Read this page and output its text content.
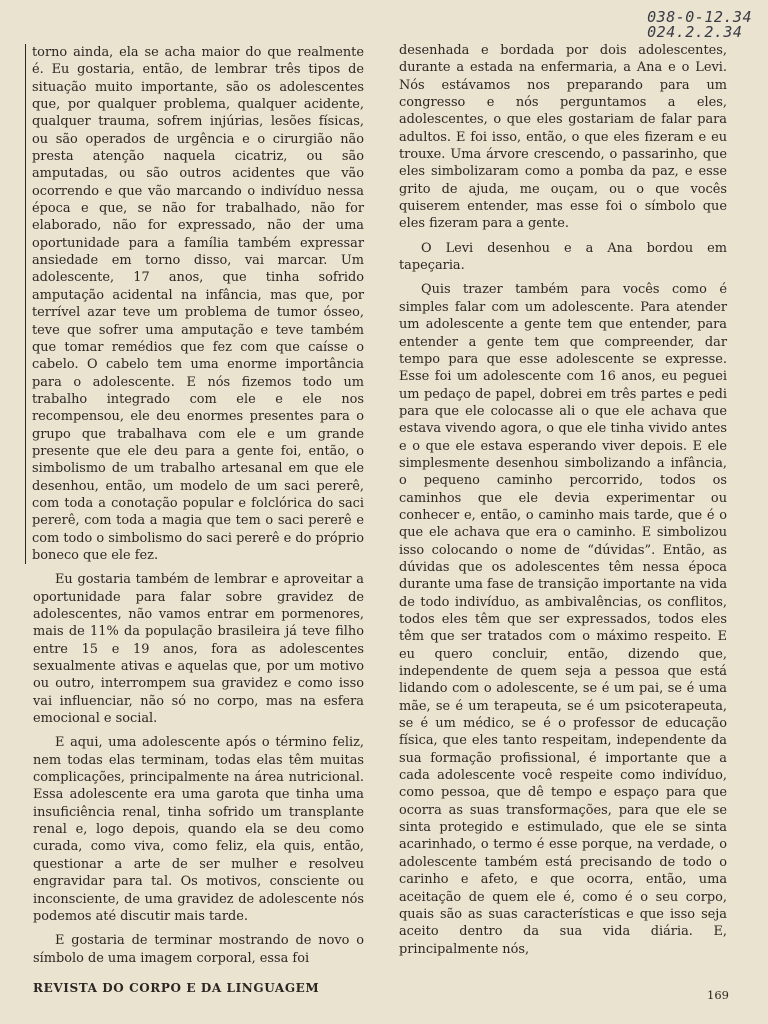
038-0-12.34
024.2.2.34

torno ainda, ela se acha maior do que realmente é. Eu gostaria, então, de lembrar três tipos de situação muito importante, são os adolescentes que, por qualquer problema, qualquer acidente, qualquer trauma, sofrem injúrias, lesões físicas, ou são operados de urgência e o cirurgião não presta atenção naquela cicatriz, ou são amputadas, ou são outros acidentes que vão ocorrendo e que vão marcando o indivíduo nessa época e que, se não for trabalhado, não for elaborado, não for expressado, não der uma oportunidade para a família também expressar ansiedade em torno disso, vai marcar. Um adolescente, 17 anos, que tinha sofrido amputação acidental na infância, mas que, por terrível azar teve um problema de tumor ósseo, teve que sofrer uma amputação e teve também que tomar remédios que fez com que caísse o cabelo. O cabelo tem uma enorme importância para o adolescente. E nós fizemos todo um trabalho integrado com ele e ele nos recompensou, ele deu enormes presentes para o grupo que trabalhava com ele e um grande presente que ele deu para a gente foi, então, o simbolismo de um trabalho artesanal em que ele desenhou, então, um modelo de um saci pererê, com toda a conotação popular e folclórica do saci pererê, com toda a magia que tem o saci pererê e com todo o simbolismo do saci pererê e do próprio boneco que ele fez.

Eu gostaria também de lembrar e aproveitar a oportunidade para falar sobre gravidez de adolescentes, não vamos entrar em pormenores, mais de 11% da população brasileira já teve filho entre 15 e 19 anos, fora as adolescentes sexualmente ativas e aquelas que, por um motivo ou outro, interrompem sua gravidez e como isso vai influenciar, não só no corpo, mas na esfera emocional e social.

E aqui, uma adolescente após o término feliz, nem todas elas terminam, todas elas têm muitas complicações, principalmente na área nutricional. Essa adolescente era uma garota que tinha uma insuficiência renal, tinha sofrido um transplante renal e, logo depois, quando ela se deu como curada, como viva, como feliz, ela quis, então, questionar a arte de ser mulher e resolveu engravidar para tal. Os motivos, consciente ou inconsciente, de uma gravidez de adolescente nós podemos até discutir mais tarde.

E gostaria de terminar mostrando de novo o símbolo de uma imagem corporal, essa foi

desenhada e bordada por dois adolescentes, durante a estada na enfermaria, a Ana e o Levi. Nós estávamos nos preparando para um congresso e nós perguntamos a eles, adolescentes, o que eles gostariam de falar para adultos. E foi isso, então, o que eles fizeram e eu trouxe. Uma árvore crescendo, o passarinho, que eles simbolizaram como a pomba da paz, e esse grito de ajuda, me ouçam, ou o que vocês quiserem entender, mas esse foi o símbolo que eles fizeram para a gente.

O Levi desenhou e a Ana bordou em tapeçaria.

Quis trazer também para vocês como é simples falar com um adolescente. Para atender um adolescente a gente tem que entender, para entender a gente tem que compreender, dar tempo para que esse adolescente se expresse. Esse foi um adolescente com 16 anos, eu peguei um pedaço de papel, dobrei em três partes e pedi para que ele colocasse ali o que ele achava que estava vivendo agora, o que ele tinha vivido antes e o que ele estava esperando viver depois. E ele simplesmente desenhou simbolizando a infância, o pequeno caminho percorrido, todos os caminhos que ele devia experimentar ou conhecer e, então, o caminho mais tarde, que é o que ele achava que era o caminho. E simbolizou isso colocando o nome de “dúvidas”. Então, as dúvidas que os adolescentes têm nessa época durante uma fase de transição importante na vida de todo indivíduo, as ambivalências, os conflitos, todos eles têm que ser expressados, todos eles têm que ser tratados com o máximo respeito. E eu quero concluir, então, dizendo que, independente de quem seja a pessoa que está lidando com o adolescente, se é um pai, se é uma mãe, se é um terapeuta, se é um psicoterapeuta, se é um médico, se é o professor de educação física, que eles tanto respeitam, independente da sua formação profissional, é importante que a cada adolescente você respeite como indivíduo, como pessoa, que dê tempo e espaço para que ocorra as suas transformações, para que ele se sinta protegido e estimulado, que ele se sinta acarinhado, o termo é esse porque, na verdade, o adolescente também está precisando de todo o carinho e afeto, e que ocorra, então, uma aceitação de quem ele é, como é o seu corpo, quais são as suas características e que isso seja aceito dentro da sua vida diária. E, principalmente nós,

REVISTA DO CORPO E DA LINGUAGEM	169
